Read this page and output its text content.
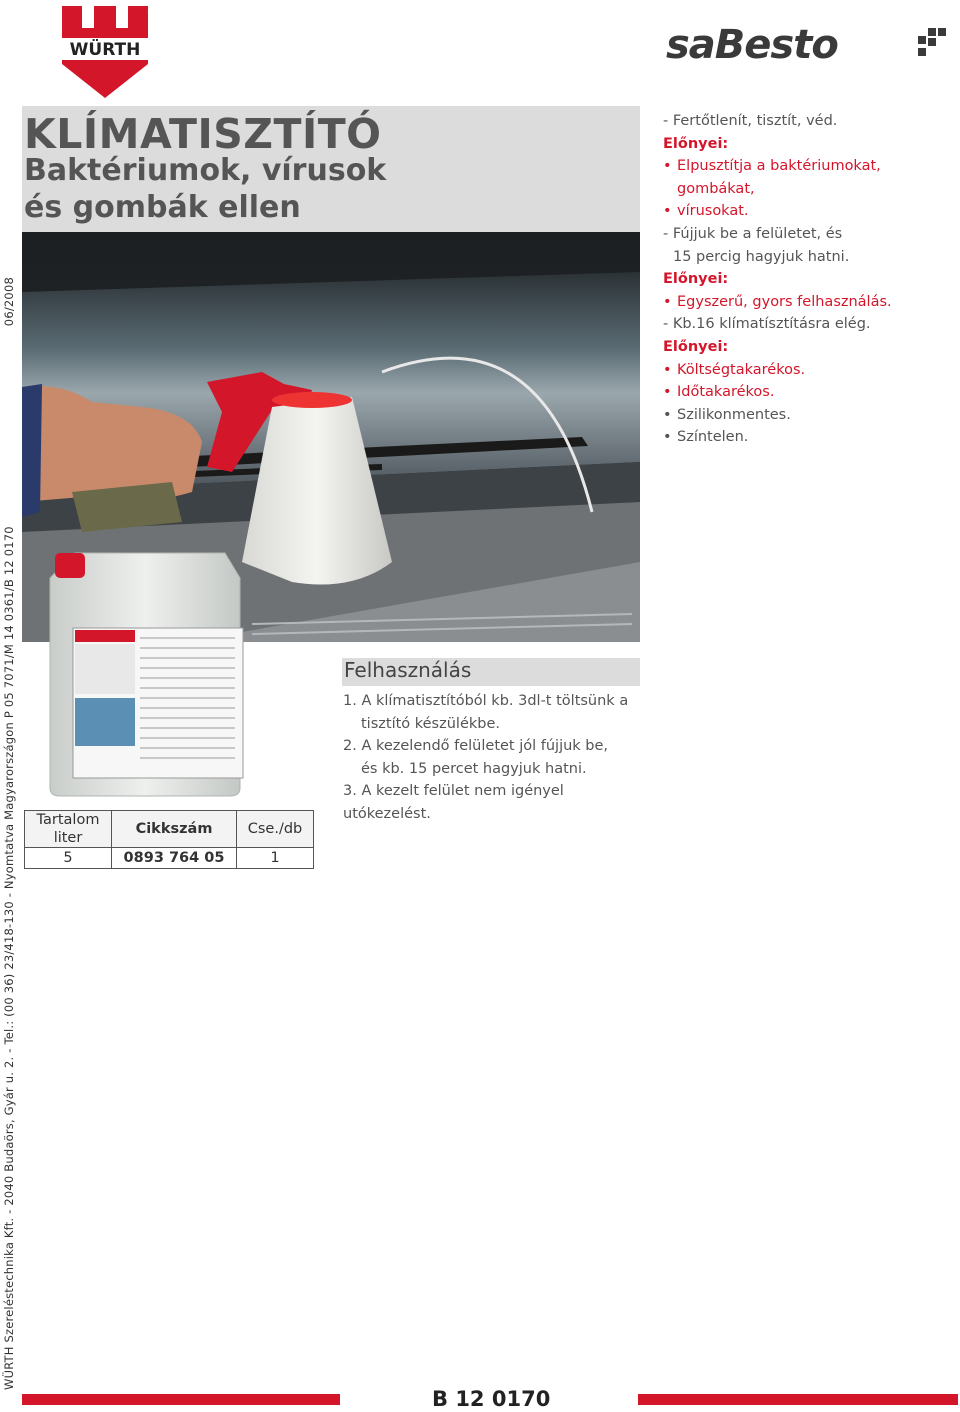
WÜRTH	saBesto
WÜRTH Szereléstechnika Kft. - 2040 Budaörs, Gyár u. 2. - Tel.: (00 36) 23/418-130 - Nyomtatva Magyarországon P 05 7071/M 14 0361/B 12 017006/2008
KLÍMATISZTÍTÓ
Baktériumok, vírusok
és gombák ellen
- Fertőtlenít, tisztít, véd.
Előnyei:
• Elpusztítja a baktériumokat, gombákat,
• vírusokat.
- Fújjuk be a felületet, és
15 percig hagyjuk hatni.
Előnyei:
• Egyszerű, gyors felhasználás.
- Kb.16 klímatísztításra elég.
Előnyei:
• Költségtakarékos.
• Időtakarékos.
• Szilikonmentes.
• Színtelen.
Felhasználás
1. A klímatisztítóból kb. 3dl-t töltsünk a
tisztító készülékbe.
2. A kezelendő felületet jól fújjuk be,
és kb. 15 percet hagyjuk hatni.
3. A kezelt felület nem igényel utókezelést.
Tartalom
liter	Cikkszám	Cse./db
5	0893 764 05	1
B 12 0170
